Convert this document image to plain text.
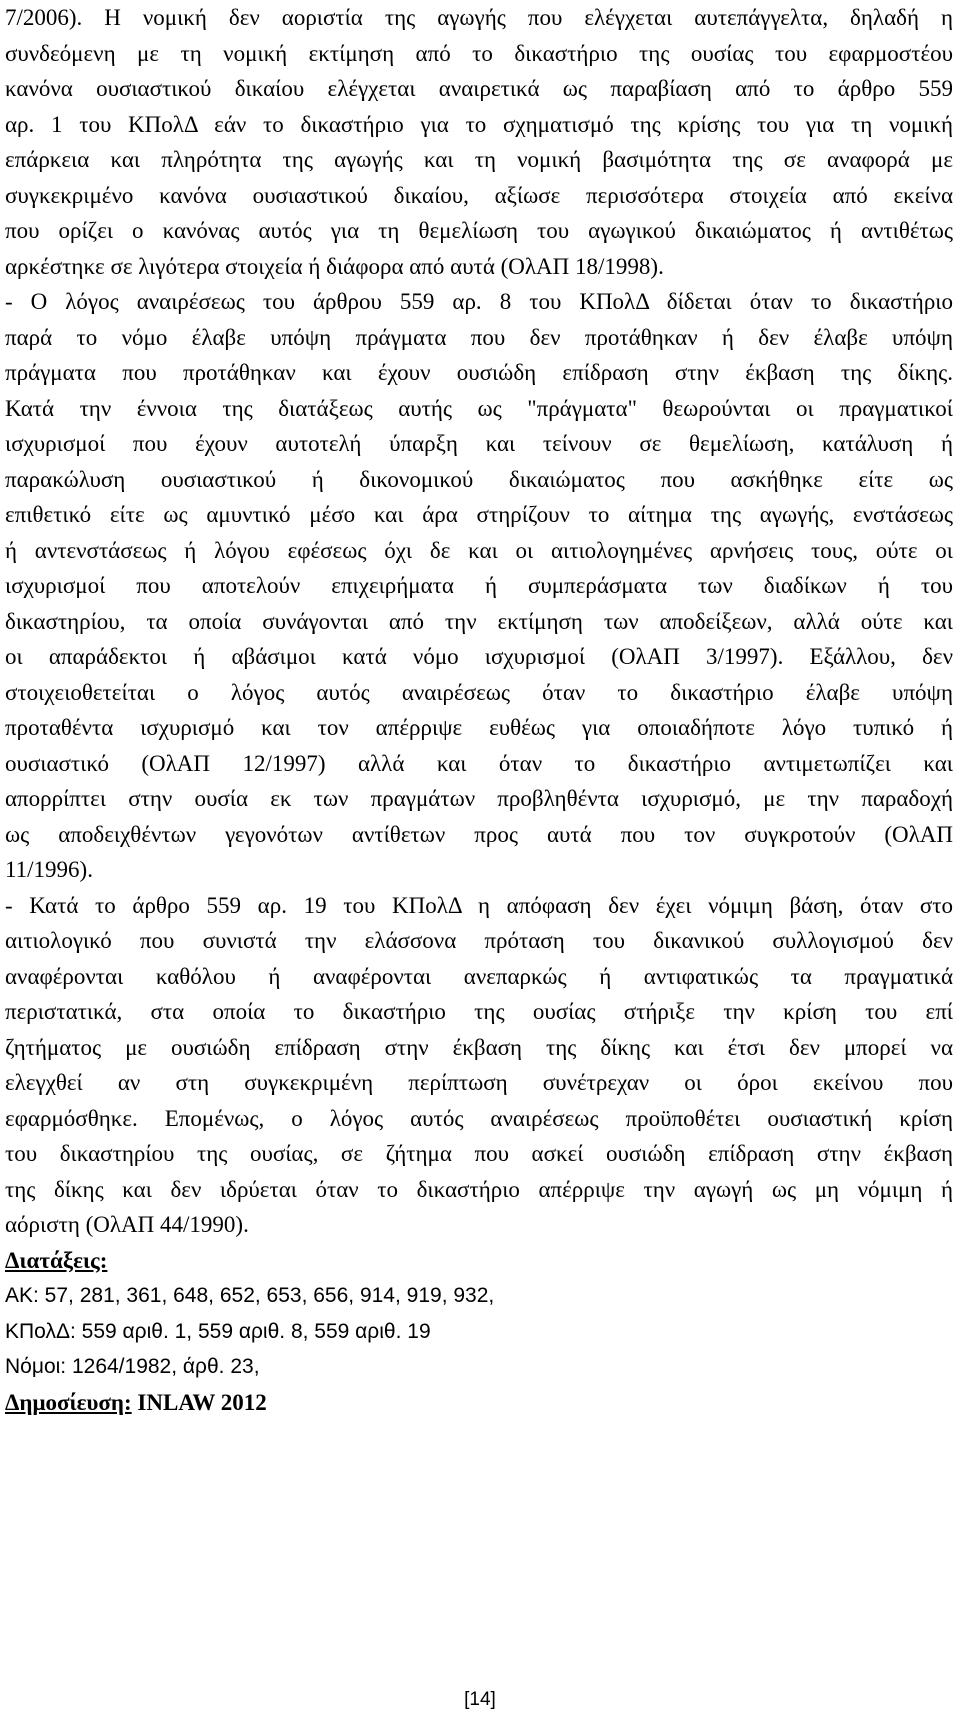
7/2006). Η νομική δεν αοριστία της αγωγής που ελέγχεται αυτεπάγγελτα, δηλαδή η
συνδεόμενη με τη νομική εκτίμηση από το δικαστήριο της ουσίας του εφαρμοστέου
κανόνα ουσιαστικού δικαίου ελέγχεται αναιρετικά ως παραβίαση από το άρθρο 559
αρ. 1 του ΚΠολΔ εάν το δικαστήριο για το σχηματισμό της κρίσης του για τη νομική
επάρκεια και πληρότητα της αγωγής και τη νομική βασιμότητα της σε αναφορά με
συγκεκριμένο κανόνα ουσιαστικού δικαίου, αξίωσε περισσότερα στοιχεία από εκείνα
που ορίζει ο κανόνας αυτός για τη θεμελίωση του αγωγικού δικαιώματος ή αντιθέτως
αρκέστηκε σε λιγότερα στοιχεία ή διάφορα από αυτά (ΟλΑΠ 18/1998).
- Ο λόγος αναιρέσεως του άρθρου 559 αρ. 8 του ΚΠολΔ δίδεται όταν το δικαστήριο
παρά το νόμο έλαβε υπόψη πράγματα που δεν προτάθηκαν ή δεν έλαβε υπόψη
πράγματα που προτάθηκαν και έχουν ουσιώδη επίδραση στην έκβαση της δίκης.
Κατά την έννοια της διατάξεως αυτής ως "πράγματα" θεωρούνται οι πραγματικοί
ισχυρισμοί που έχουν αυτοτελή ύπαρξη και τείνουν σε θεμελίωση, κατάλυση ή
παρακώλυση ουσιαστικού ή δικονομικού δικαιώματος που ασκήθηκε είτε ως
επιθετικό είτε ως αμυντικό μέσο και άρα στηρίζουν το αίτημα της αγωγής, ενστάσεως
ή αντενστάσεως ή λόγου εφέσεως όχι δε και οι αιτιολογημένες αρνήσεις τους, ούτε οι
ισχυρισμοί που αποτελούν επιχειρήματα ή συμπεράσματα των διαδίκων ή του
δικαστηρίου, τα οποία συνάγονται από την εκτίμηση των αποδείξεων, αλλά ούτε και
οι απαράδεκτοι ή αβάσιμοι κατά νόμο ισχυρισμοί (ΟλΑΠ 3/1997). Εξάλλου, δεν
στοιχειοθετείται ο λόγος αυτός αναιρέσεως όταν το δικαστήριο έλαβε υπόψη
προταθέντα ισχυρισμό και τον απέρριψε ευθέως για οποιαδήποτε λόγο τυπικό ή
ουσιαστικό (ΟλΑΠ 12/1997) αλλά και όταν το δικαστήριο αντιμετωπίζει και
απορρίπτει στην ουσία εκ των πραγμάτων προβληθέντα ισχυρισμό, με την παραδοχή
ως αποδειχθέντων γεγονότων αντίθετων προς αυτά που τον συγκροτούν (ΟλΑΠ
11/1996).
- Κατά το άρθρο 559 αρ. 19 του ΚΠολΔ η απόφαση δεν έχει νόμιμη βάση, όταν στο
αιτιολογικό που συνιστά την ελάσσονα πρόταση του δικανικού συλλογισμού δεν
αναφέρονται καθόλου ή αναφέρονται ανεπαρκώς ή αντιφατικώς τα πραγματικά
περιστατικά, στα οποία το δικαστήριο της ουσίας στήριξε την κρίση του επί
ζητήματος με ουσιώδη επίδραση στην έκβαση της δίκης και έτσι δεν μπορεί να
ελεγχθεί αν στη συγκεκριμένη περίπτωση συνέτρεχαν οι όροι εκείνου που
εφαρμόσθηκε. Επομένως, ο λόγος αυτός αναιρέσεως προϋποθέτει ουσιαστική κρίση
του δικαστηρίου της ουσίας, σε ζήτημα που ασκεί ουσιώδη επίδραση στην έκβαση
της δίκης και δεν ιδρύεται όταν το δικαστήριο απέρριψε την αγωγή ως μη νόμιμη ή
αόριστη (ΟλΑΠ 44/1990).
Διατάξεις:
ΑΚ: 57, 281, 361, 648, 652, 653, 656, 914, 919, 932,
ΚΠολΔ: 559 αριθ. 1, 559 αριθ. 8, 559 αριθ. 19
Νόμοι: 1264/1982, άρθ. 23,
Δημοσίευση: INLAW 2012
[14]
